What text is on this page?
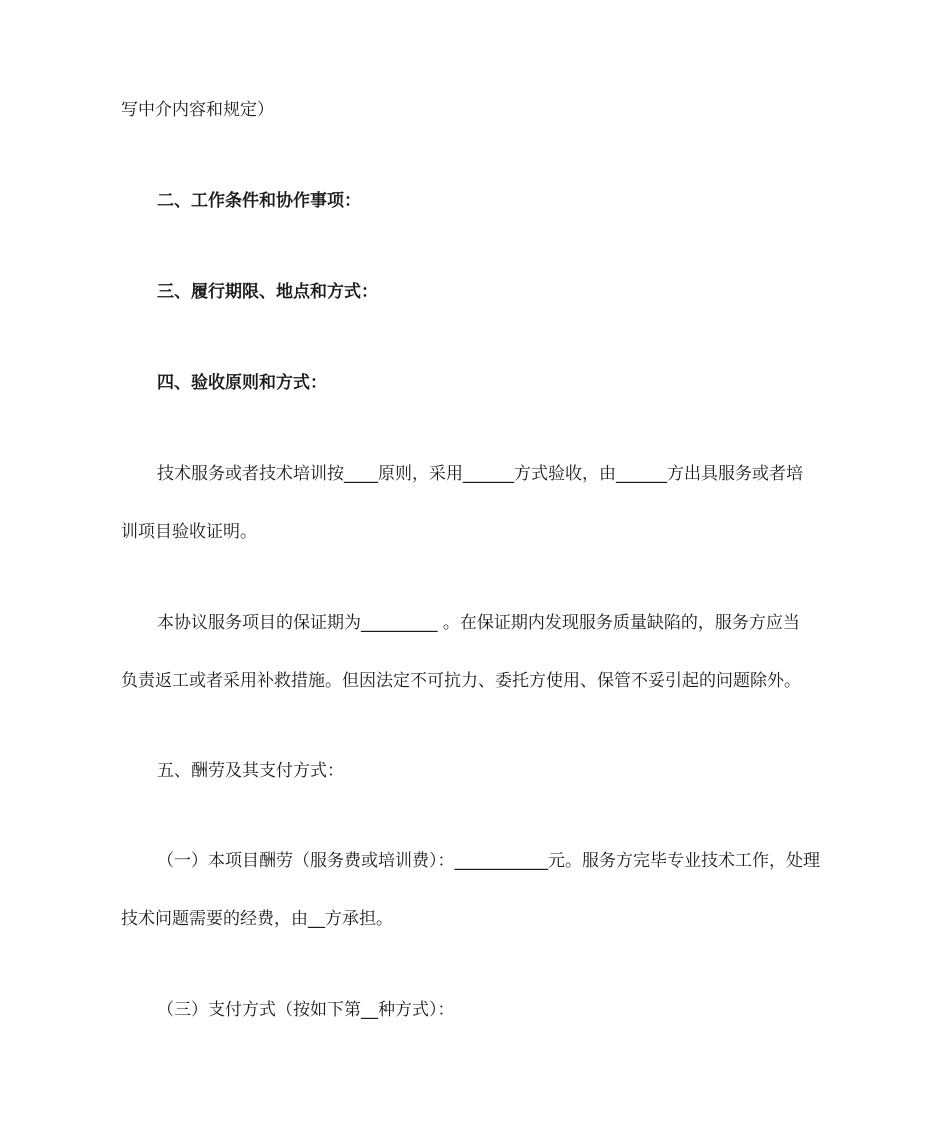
写中介内容和规定）

二、工作条件和协作事项：

三、履行期限、地点和方式：

四、验收原则和方式：

技术服务或者技术培训按____原则，采用______方式验收，由______方出具服务或者培

训项目验收证明。

本协议服务项目的保证期为_________ 。在保证期内发现服务质量缺陷的，服务方应当

负责返工或者采用补救措施。但因法定不可抗力、委托方使用、保管不妥引起的问题除外。

五、酬劳及其支付方式：

（一）本项目酬劳（服务费或培训费）：___________元。服务方完毕专业技术工作，处理

技术问题需要的经费，由__方承担。

（三）支付方式（按如下第__种方式）：
